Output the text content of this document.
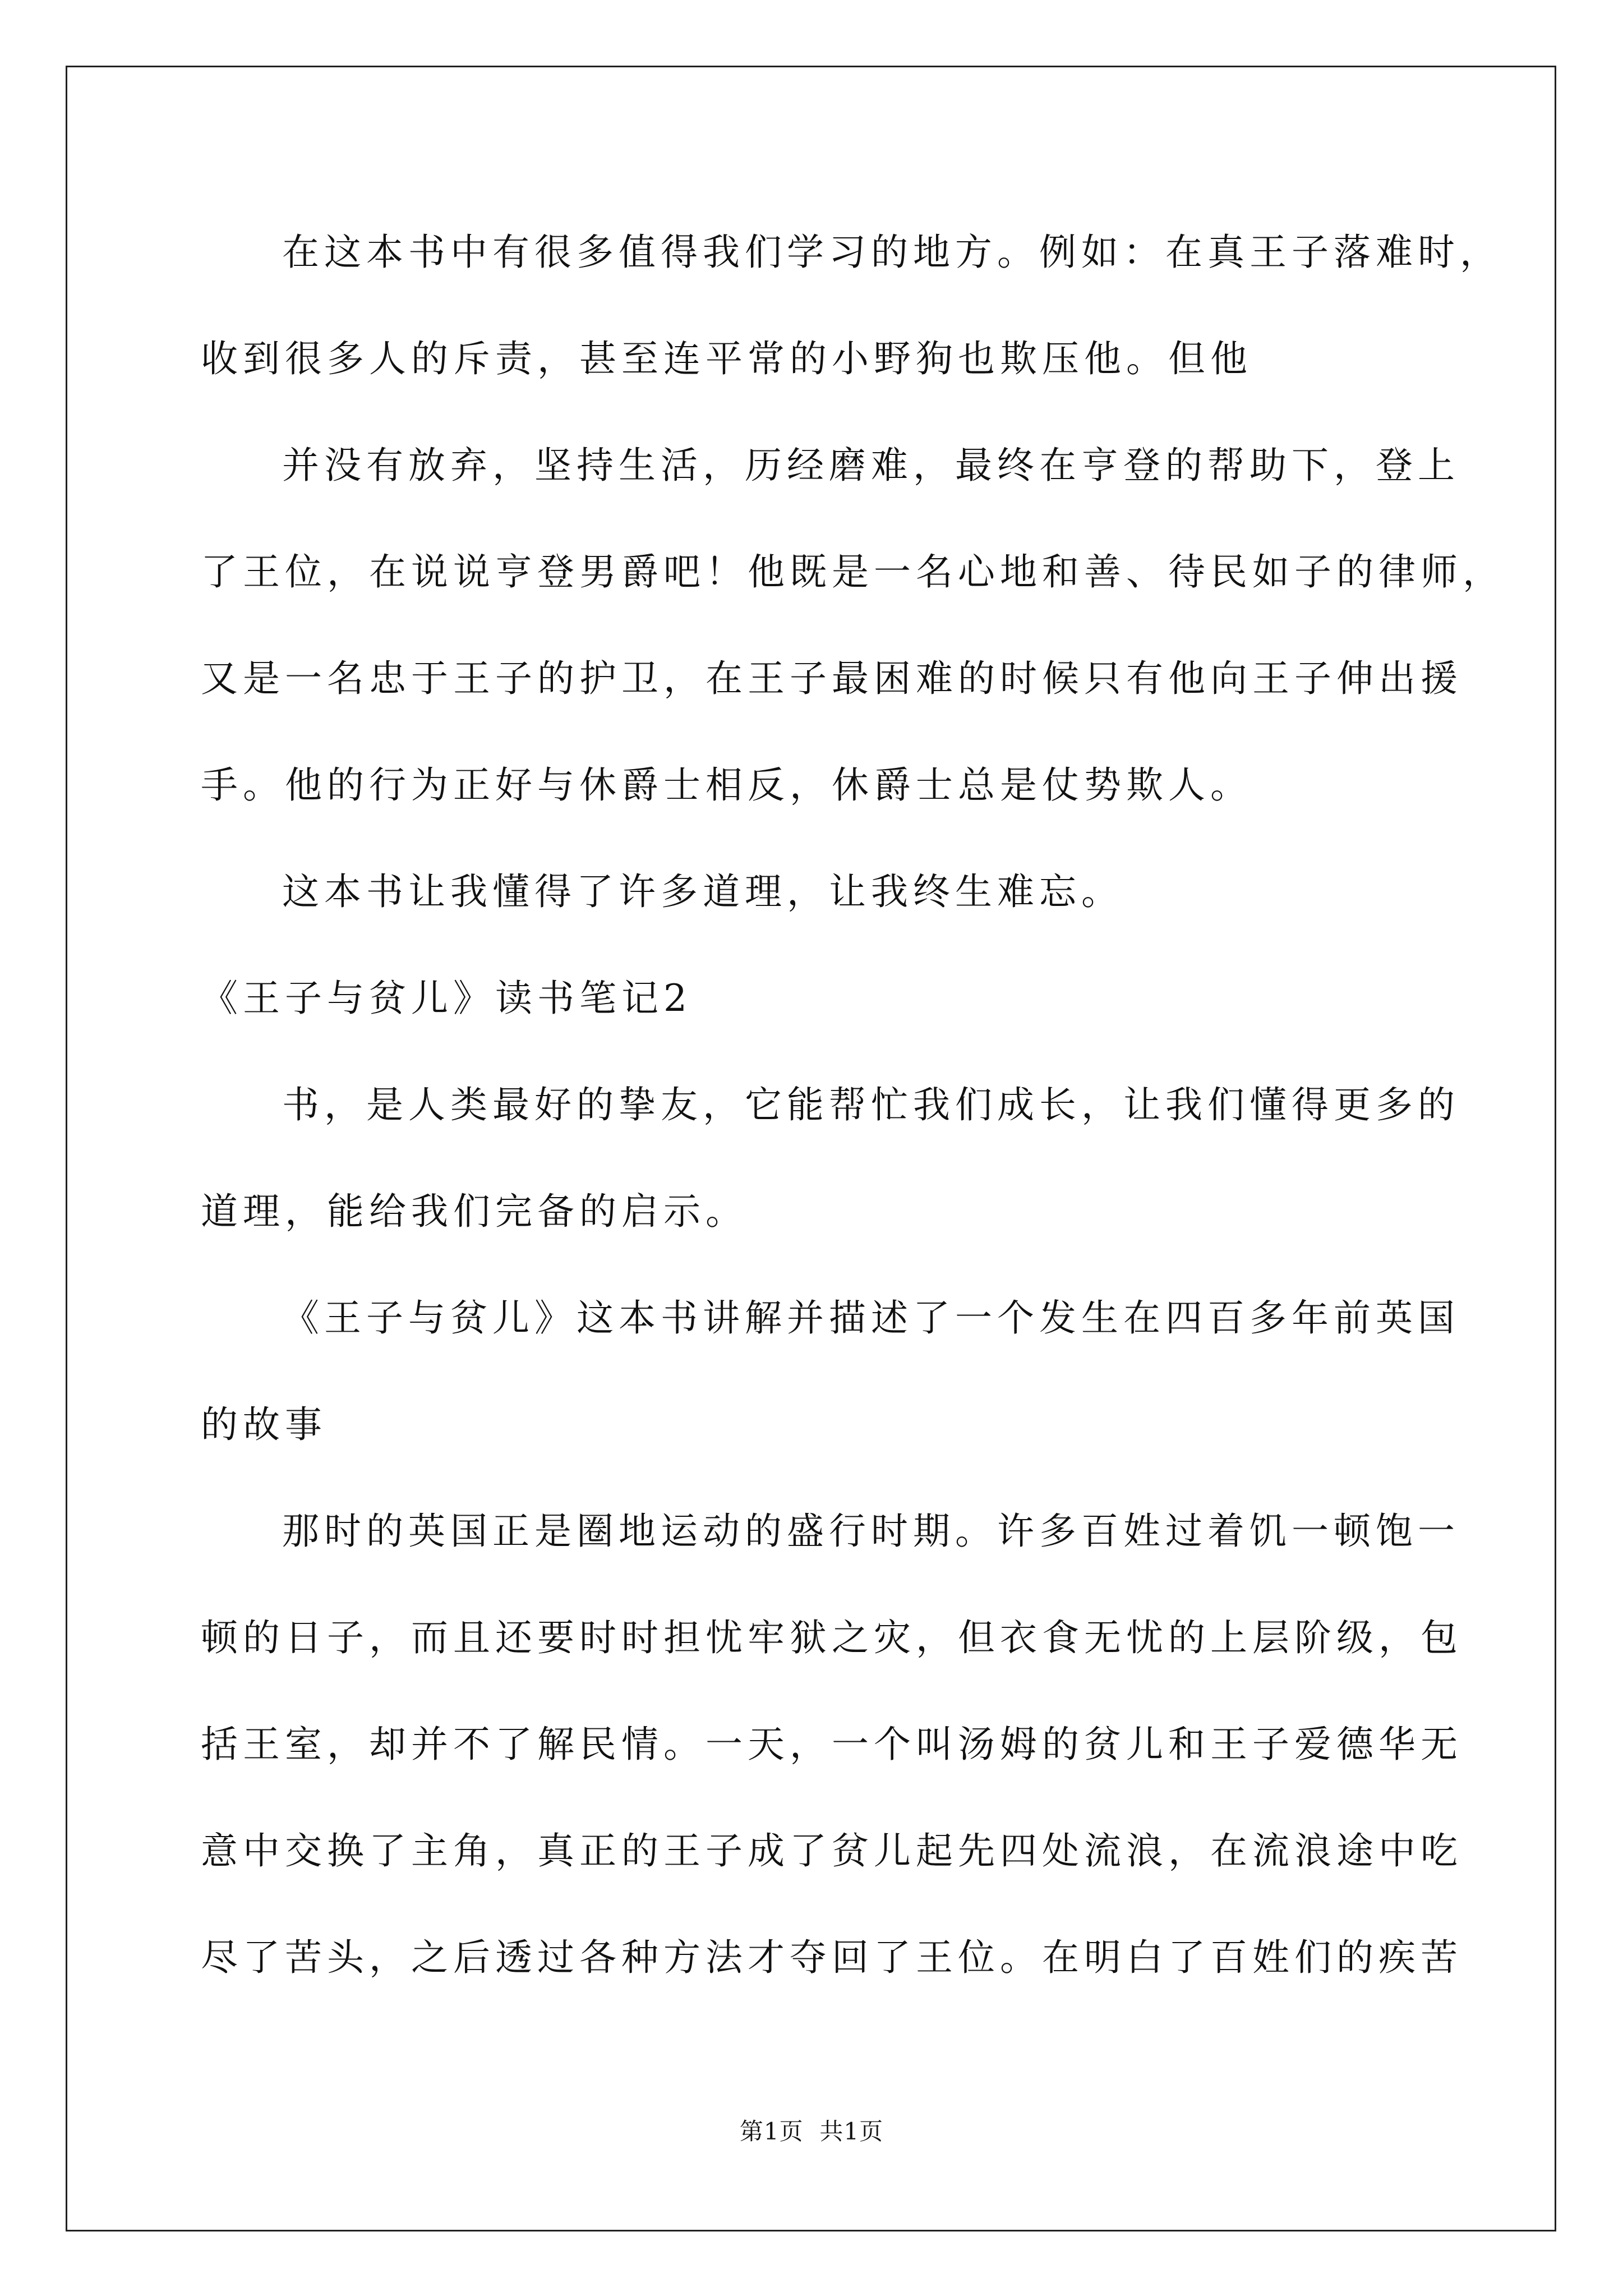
在这本书中有很多值得我们学习的地方。例如：在真王子落难时，
收到很多人的斥责，甚至连平常的小野狗也欺压他。但他
并没有放弃，坚持生活，历经磨难，最终在亨登的帮助下，登上
了王位，在说说亨登男爵吧！他既是一名心地和善、待民如子的律师，
又是一名忠于王子的护卫，在王子最困难的时候只有他向王子伸出援
手。他的行为正好与休爵士相反，休爵士总是仗势欺人。
这本书让我懂得了许多道理，让我终生难忘。
《王子与贫儿》读书笔记2
书，是人类最好的挚友，它能帮忙我们成长，让我们懂得更多的
道理，能给我们完备的启示。
《王子与贫儿》这本书讲解并描述了一个发生在四百多年前英国
的故事
那时的英国正是圈地运动的盛行时期。许多百姓过着饥一顿饱一
顿的日子，而且还要时时担忧牢狱之灾，但衣食无忧的上层阶级，包
括王室，却并不了解民情。一天，一个叫汤姆的贫儿和王子爱德华无
意中交换了主角，真正的王子成了贫儿起先四处流浪，在流浪途中吃
尽了苦头，之后透过各种方法才夺回了王位。在明白了百姓们的疾苦
第1页  共1页
